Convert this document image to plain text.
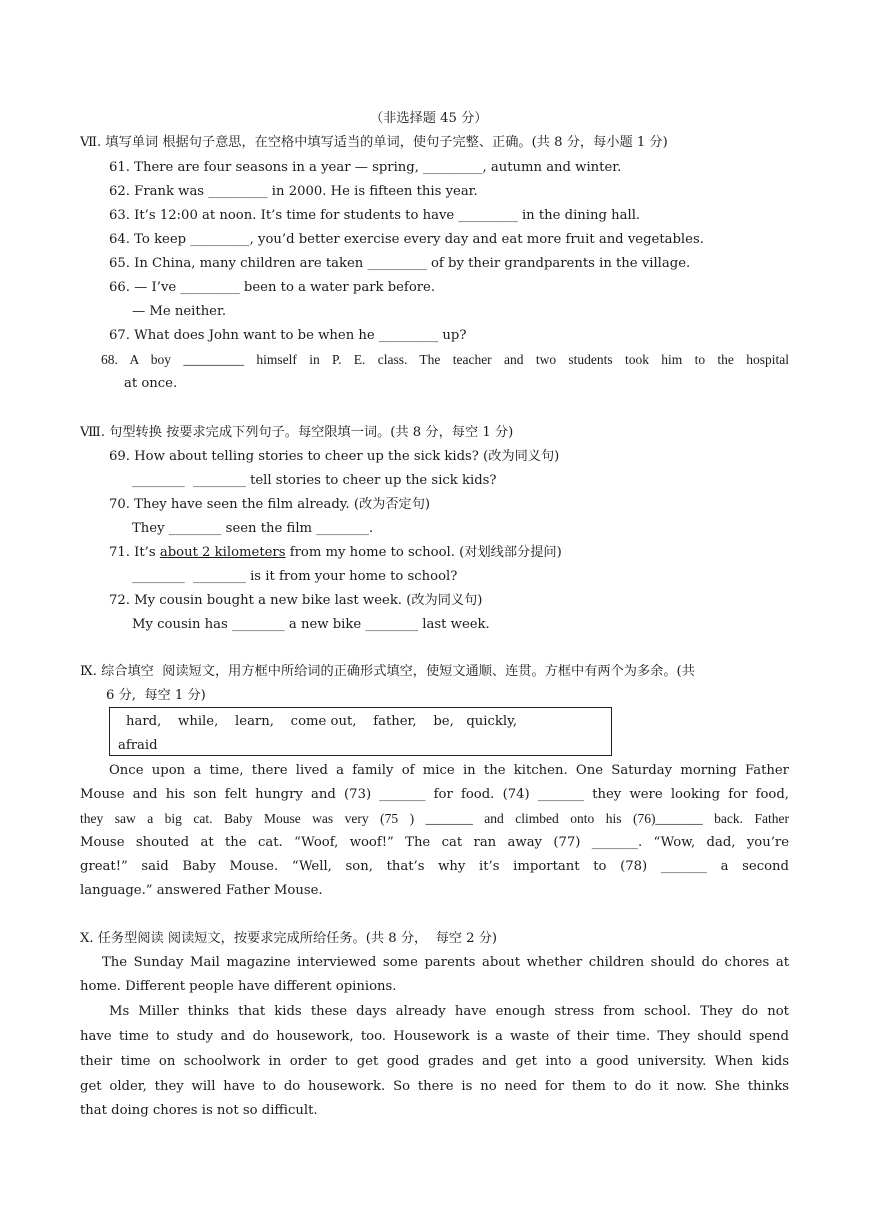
（非选择题 45 分）
Ⅶ. 填写单词 根据句子意思，在空格中填写适当的单词，使句子完整、正确。(共 8 分，每小题 1 分)
61. There are four seasons in a year — spring, _________, autumn and winter.
62. Frank was _________ in 2000. He is fifteen this year.
63. It’s 12:00 at noon. It’s time for students to have _________ in the dining hall.
64. To keep _________, you’d better exercise every day and eat more fruit and vegetables.
65. In China, many children are taken _________ of by their grandparents in the village.
66. — I’ve _________ been to a water park before.
— Me neither.
67. What does John want to be when he _________ up?
68. A boy _________ himself in P. E. class. The teacher and two students took him to the hospital
at once.
Ⅷ. 句型转换 按要求完成下列句子。每空限填一词。(共 8 分，每空 1 分)
69. How about telling stories to cheer up the sick kids? (改为同义句)
________  ________ tell stories to cheer up the sick kids?
70. They have seen the film already. (改为否定句)
They ________ seen the film ________.
71. It’s about 2 kilometers from my home to school. (对划线部分提问)
________  ________ is it from your home to school?
72. My cousin bought a new bike last week. (改为同义句)
My cousin has ________ a new bike ________ last week.
Ⅸ. 综合填空  阅读短文，用方框中所给词的正确形式填空，使短文通顺、连贯。方框中有两个为多余。(共
6 分,  每空 1 分)
hard,    while,    learn,    come out,    father,    be,   quickly,
afraid
Once upon a time, there lived a family of mice in the kitchen. One Saturday morning Father
Mouse and his son felt hungry and (73) _______ for food. (74) _______ they were looking for food,
they saw a big cat. Baby Mouse was very (75 ) _______ and climbed onto his (76)_______ back. Father
Mouse shouted at the cat. “Woof, woof!” The cat ran away (77) _______. “Wow, dad, you’re
great!” said Baby Mouse. “Well, son, that’s why it’s important to (78) _______ a second
language.” answered Father Mouse.
X. 任务型阅读 阅读短文，按要求完成所给任务。(共 8 分，  每空 2 分)
The Sunday Mail magazine interviewed some parents about whether children should do chores at
home. Different people have different opinions.
Ms Miller thinks that kids these days already have enough stress from school. They do not
have time to study and do housework, too. Housework is a waste of their time. They should spend
their time on schoolwork in order to get good grades and get into a good university. When kids
get older, they will have to do housework. So there is no need for them to do it now. She thinks
that doing chores is not so difficult.
